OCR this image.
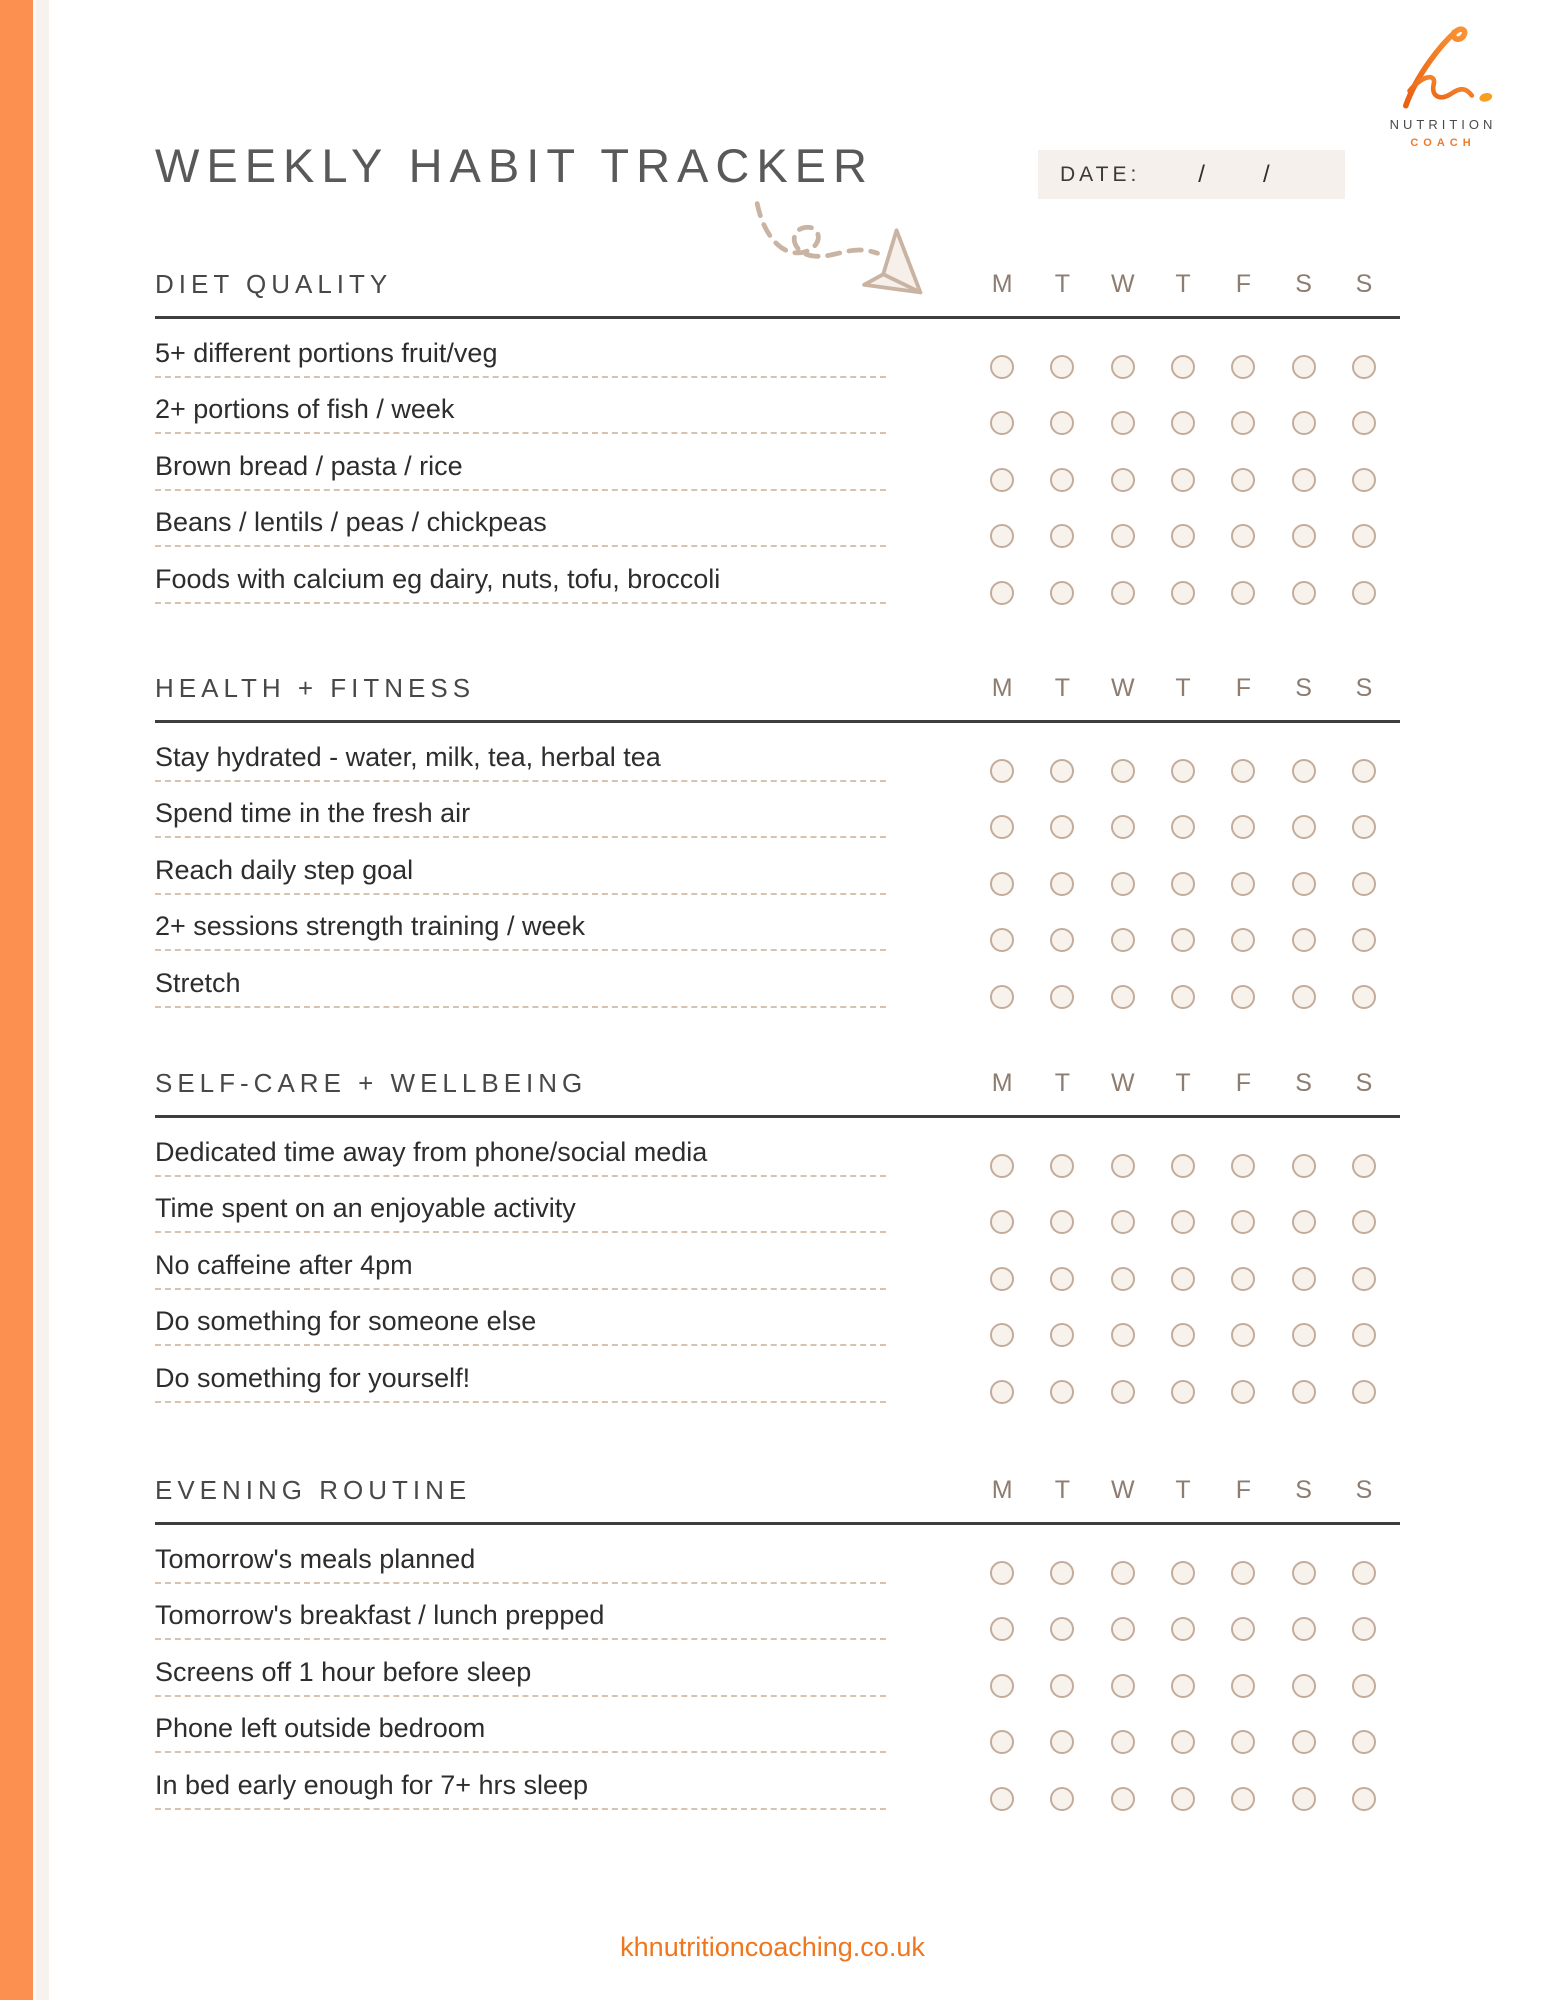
WEEKLY HABIT TRACKER	DATE: / /
NUTRITION
COACH
DIET QUALITY	M T W T F S S
5+ different portions fruit/veg
2+ portions of fish / week
Brown bread / pasta / rice
Beans / lentils / peas / chickpeas
Foods with calcium eg dairy, nuts, tofu, broccoli
HEALTH + FITNESS	M T W T F S S
Stay hydrated - water, milk, tea, herbal tea
Spend time in the fresh air
Reach daily step goal
2+ sessions strength training / week
Stretch
SELF-CARE + WELLBEING	M T W T F S S
Dedicated time away from phone/social media
Time spent on an enjoyable activity
No caffeine after 4pm
Do something for someone else
Do something for yourself!
EVENING ROUTINE	M T W T F S S
Tomorrow's meals planned
Tomorrow's breakfast / lunch prepped
Screens off 1 hour before sleep
Phone left outside bedroom
In bed early enough for 7+ hrs sleep
khnutritioncoaching.co.uk
